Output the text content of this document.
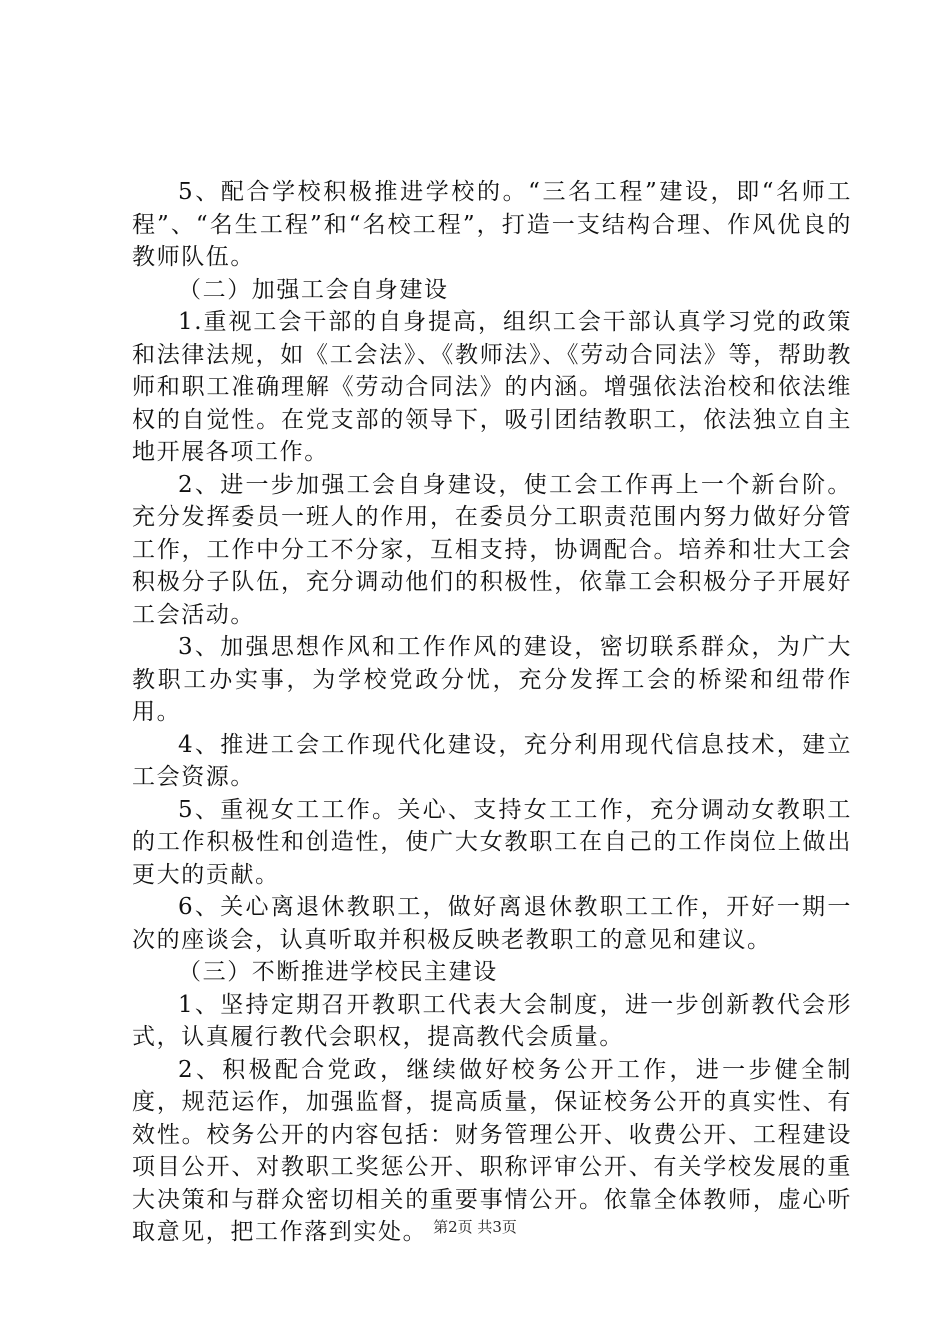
5、配合学校积极推进学校的。“三名工程”建设，即“名师工程”、“名生工程”和“名校工程”，打造一支结构合理、作风优良的教师队伍。

（二）加强工会自身建设

1.重视工会干部的自身提高，组织工会干部认真学习党的政策和法律法规，如《工会法》、《教师法》、《劳动合同法》等，帮助教师和职工准确理解《劳动合同法》的内涵。增强依法治校和依法维权的自觉性。在党支部的领导下，吸引团结教职工，依法独立自主地开展各项工作。

2、进一步加强工会自身建设，使工会工作再上一个新台阶。充分发挥委员一班人的作用，在委员分工职责范围内努力做好分管工作，工作中分工不分家，互相支持，协调配合。培养和壮大工会积极分子队伍，充分调动他们的积极性，依靠工会积极分子开展好工会活动。

3、加强思想作风和工作作风的建设，密切联系群众，为广大教职工办实事，为学校党政分忧，充分发挥工会的桥梁和纽带作用。

4、推进工会工作现代化建设，充分利用现代信息技术，建立工会资源。

5、重视女工工作。关心、支持女工工作，充分调动女教职工的工作积极性和创造性，使广大女教职工在自己的工作岗位上做出更大的贡献。

6、关心离退休教职工，做好离退休教职工工作，开好一期一次的座谈会，认真听取并积极反映老教职工的意见和建议。

（三）不断推进学校民主建设

1、坚持定期召开教职工代表大会制度，进一步创新教代会形式，认真履行教代会职权，提高教代会质量。

2、积极配合党政，继续做好校务公开工作，进一步健全制度，规范运作，加强监督，提高质量，保证校务公开的真实性、有效性。校务公开的内容包括：财务管理公开、收费公开、工程建设项目公开、对教职工奖惩公开、职称评审公开、有关学校发展的重大决策和与群众密切相关的重要事情公开。依靠全体教师，虚心听取意见，把工作落到实处。 第2页 共3页
